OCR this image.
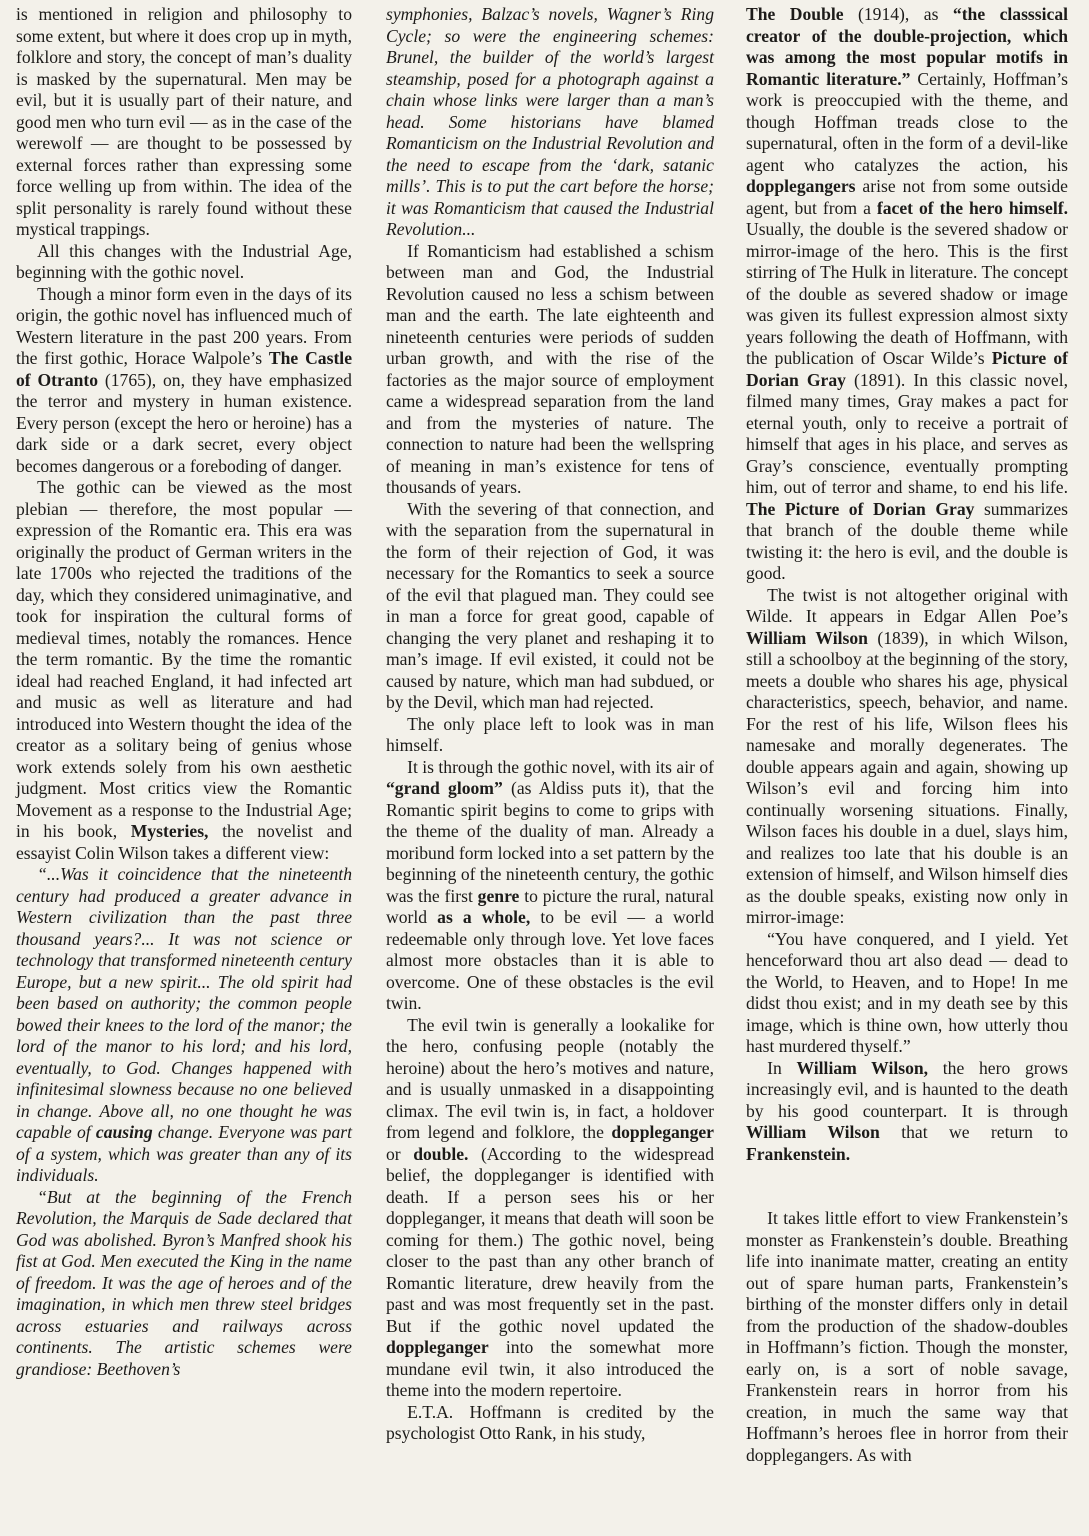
is mentioned in religion and philosophy to some extent, but where it does crop up in myth, folklore and story, the concept of man’s duality is masked by the supernatural. Men may be evil, but it is usually part of their nature, and good men who turn evil — as in the case of the werewolf — are thought to be possessed by external forces rather than expressing some force welling up from within. The idea of the split personality is rarely found without these mystical trappings.

All this changes with the Industrial Age, beginning with the gothic novel.

Though a minor form even in the days of its origin, the gothic novel has influenced much of Western literature in the past 200 years. From the first gothic, Horace Walpole’s The Castle of Otranto (1765), on, they have emphasized the terror and mystery in human existence. Every person (except the hero or heroine) has a dark side or a dark secret, every object becomes dangerous or a foreboding of danger.

The gothic can be viewed as the most plebian — therefore, the most popular — expression of the Romantic era. This era was originally the product of German writers in the late 1700s who rejected the traditions of the day, which they considered unimaginative, and took for inspiration the cultural forms of medieval times, notably the romances. Hence the term romantic. By the time the romantic ideal had reached England, it had infected art and music as well as literature and had introduced into Western thought the idea of the creator as a solitary being of genius whose work extends solely from his own aesthetic judgment. Most critics view the Romantic Movement as a response to the Industrial Age; in his book, Mysteries, the novelist and essayist Colin Wilson takes a different view:

“...Was it coincidence that the nineteenth century had produced a greater advance in Western civilization than the past three thousand years?... It was not science or technology that transformed nineteenth century Europe, but a new spirit... The old spirit had been based on authority; the common people bowed their knees to the lord of the manor; the lord of the manor to his lord; and his lord, eventually, to God. Changes happened with infinitesimal slowness because no one believed in change. Above all, no one thought he was capable of causing change. Everyone was part of a system, which was greater than any of its individuals.

“But at the beginning of the French Revolution, the Marquis de Sade declared that God was abolished. Byron’s Manfred shook his fist at God. Men executed the King in the name of freedom. It was the age of heroes and of the imagination, in which men threw steel bridges across estuaries and railways across continents. The artistic schemes were grandiose: Beethoven’s

symphonies, Balzac’s novels, Wagner’s Ring Cycle; so were the engineering schemes: Brunel, the builder of the world’s largest steamship, posed for a photograph against a chain whose links were larger than a man’s head. Some historians have blamed Romanticism on the Industrial Revolution and the need to escape from the ‘dark, satanic mills’. This is to put the cart before the horse; it was Romanticism that caused the Industrial Revolution...

If Romanticism had established a schism between man and God, the Industrial Revolution caused no less a schism between man and the earth. The late eighteenth and nineteenth centuries were periods of sudden urban growth, and with the rise of the factories as the major source of employment came a widespread separation from the land and from the mysteries of nature. The connection to nature had been the wellspring of meaning in man’s existence for tens of thousands of years.

With the severing of that connection, and with the separation from the supernatural in the form of their rejection of God, it was necessary for the Romantics to seek a source of the evil that plagued man. They could see in man a force for great good, capable of changing the very planet and reshaping it to man’s image. If evil existed, it could not be caused by nature, which man had subdued, or by the Devil, which man had rejected.

The only place left to look was in man himself.

It is through the gothic novel, with its air of “grand gloom” (as Aldiss puts it), that the Romantic spirit begins to come to grips with the theme of the duality of man. Already a moribund form locked into a set pattern by the beginning of the nineteenth century, the gothic was the first genre to picture the rural, natural world as a whole, to be evil — a world redeemable only through love. Yet love faces almost more obstacles than it is able to overcome. One of these obstacles is the evil twin.

The evil twin is generally a lookalike for the hero, confusing people (notably the heroine) about the hero’s motives and nature, and is usually unmasked in a disappointing climax. The evil twin is, in fact, a holdover from legend and folklore, the doppleganger or double. (According to the widespread belief, the doppleganger is identified with death. If a person sees his or her doppleganger, it means that death will soon be coming for them.) The gothic novel, being closer to the past than any other branch of Romantic literature, drew heavily from the past and was most frequently set in the past. But if the gothic novel updated the doppleganger into the somewhat more mundane evil twin, it also introduced the theme into the modern repertoire.

E.T.A. Hoffmann is credited by the psychologist Otto Rank, in his study,

The Double (1914), as “the classsical creator of the double-projection, which was among the most popular motifs in Romantic literature.” Certainly, Hoffman’s work is preoccupied with the theme, and though Hoffman treads close to the supernatural, often in the form of a devil-like agent who catalyzes the action, his dopplegangers arise not from some outside agent, but from a facet of the hero himself. Usually, the double is the severed shadow or mirror-image of the hero. This is the first stirring of The Hulk in literature. The concept of the double as severed shadow or image was given its fullest expression almost sixty years following the death of Hoffmann, with the publication of Oscar Wilde’s Picture of Dorian Gray (1891). In this classic novel, filmed many times, Gray makes a pact for eternal youth, only to receive a portrait of himself that ages in his place, and serves as Gray’s conscience, eventually prompting him, out of terror and shame, to end his life. The Picture of Dorian Gray summarizes that branch of the double theme while twisting it: the hero is evil, and the double is good.

The twist is not altogether original with Wilde. It appears in Edgar Allen Poe’s William Wilson (1839), in which Wilson, still a schoolboy at the beginning of the story, meets a double who shares his age, physical characteristics, speech, behavior, and name. For the rest of his life, Wilson flees his namesake and morally degenerates. The double appears again and again, showing up Wilson’s evil and forcing him into continually worsening situations. Finally, Wilson faces his double in a duel, slays him, and realizes too late that his double is an extension of himself, and Wilson himself dies as the double speaks, existing now only in mirror-image:

“You have conquered, and I yield. Yet henceforward thou art also dead — dead to the World, to Heaven, and to Hope! In me didst thou exist; and in my death see by this image, which is thine own, how utterly thou hast murdered thyself.”

In William Wilson, the hero grows increasingly evil, and is haunted to the death by his good counterpart. It is through William Wilson that we return to Frankenstein.

It takes little effort to view Frankenstein’s monster as Frankenstein’s double. Breathing life into inanimate matter, creating an entity out of spare human parts, Frankenstein’s birthing of the monster differs only in detail from the production of the shadow-doubles in Hoffmann’s fiction. Though the monster, early on, is a sort of noble savage, Frankenstein rears in horror from his creation, in much the same way that Hoffmann’s heroes flee in horror from their dopplegangers. As with
